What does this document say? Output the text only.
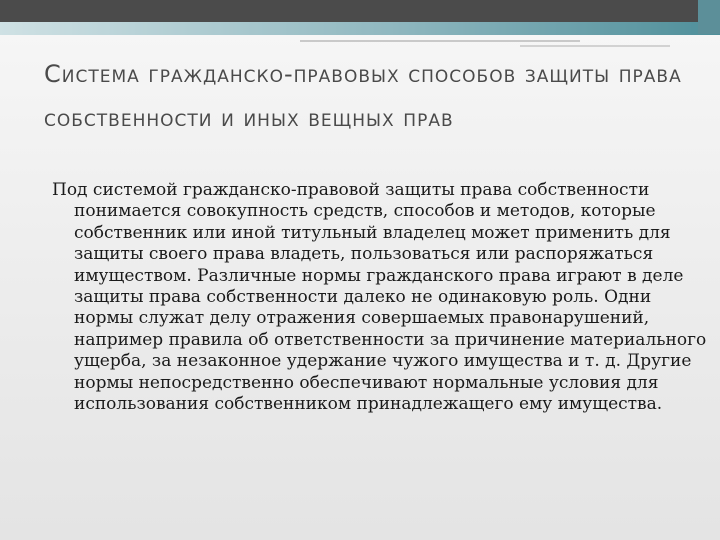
Система гражданско-правовых способов защиты права собственности и иных вещных прав
Под системой гражданско-правовой защиты права собственности понимается совокупность средств, способов и методов, которые собственник или иной титульный владелец может применить для защиты своего права владеть, пользоваться или распоряжаться имуществом. Различные нормы гражданского права играют в деле защиты права собственности далеко не одинаковую роль. Одни нормы служат делу отражения совершаемых правонарушений, например правила об ответственности за причинение материального ущерба, за незаконное удержание чужого имущества и т. д. Другие нормы непосредственно обеспечивают нормальные условия для использования собственником принадлежащего ему имущества.
